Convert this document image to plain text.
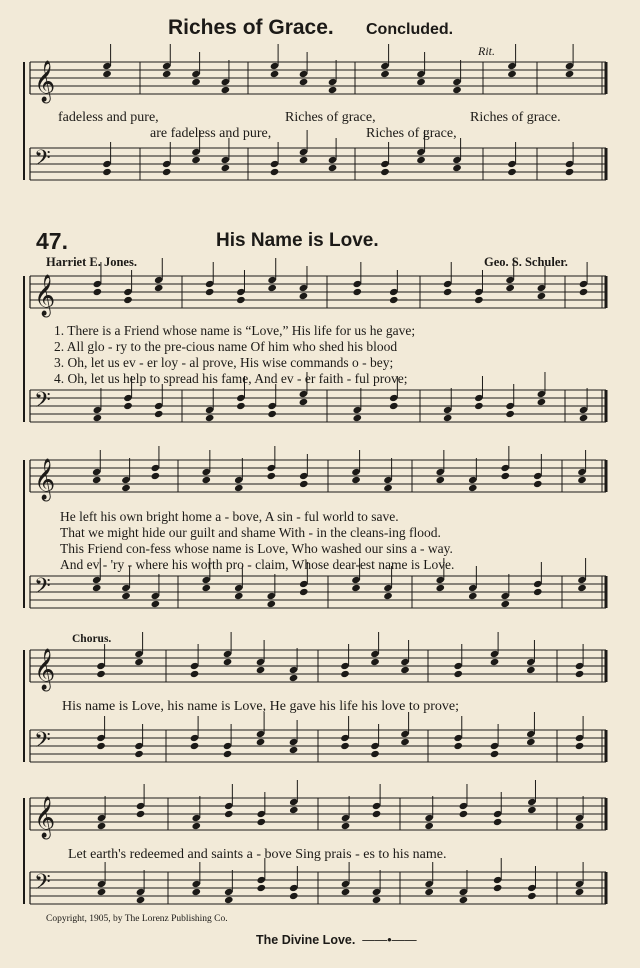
Riches of Grace. Concluded.
Rit.
fadeless and pure,	Riches of grace,	Riches of grace.
are fadeless and pure,	Riches of grace,
47.	His Name is Love.
Harriet E. Jones.	Geo. S. Schuler.
1. There is a Friend whose name is “Love,” His life for us he gave;
2. All glo - ry to the pre-cious name Of him who shed his blood
3. Oh, let us ev - er loy - al prove, His wise commands o - bey;
4. Oh, let us help to spread his fame, And ev - er faith - ful prove;
He left his own bright home a - bove, A sin - ful world to save.
That we might hide our guilt and shame With - in the cleans-ing flood.
This Friend con-fess whose name is Love, Who washed our sins a - way.
And ev - 'ry - where his worth pro - claim, Whose dear-est name is Love.
Chorus.
His name is Love, his name is Love, He gave his life his love to prove;
Let earth's redeemed and saints a - bove Sing prais - es to his name.
Copyright, 1905, by The Lorenz Publishing Co.
The Divine Love.  ——•——
𝄞
𝄢
𝄞
𝄢
𝄞
𝄢
𝄞
𝄢
𝄞
𝄢
